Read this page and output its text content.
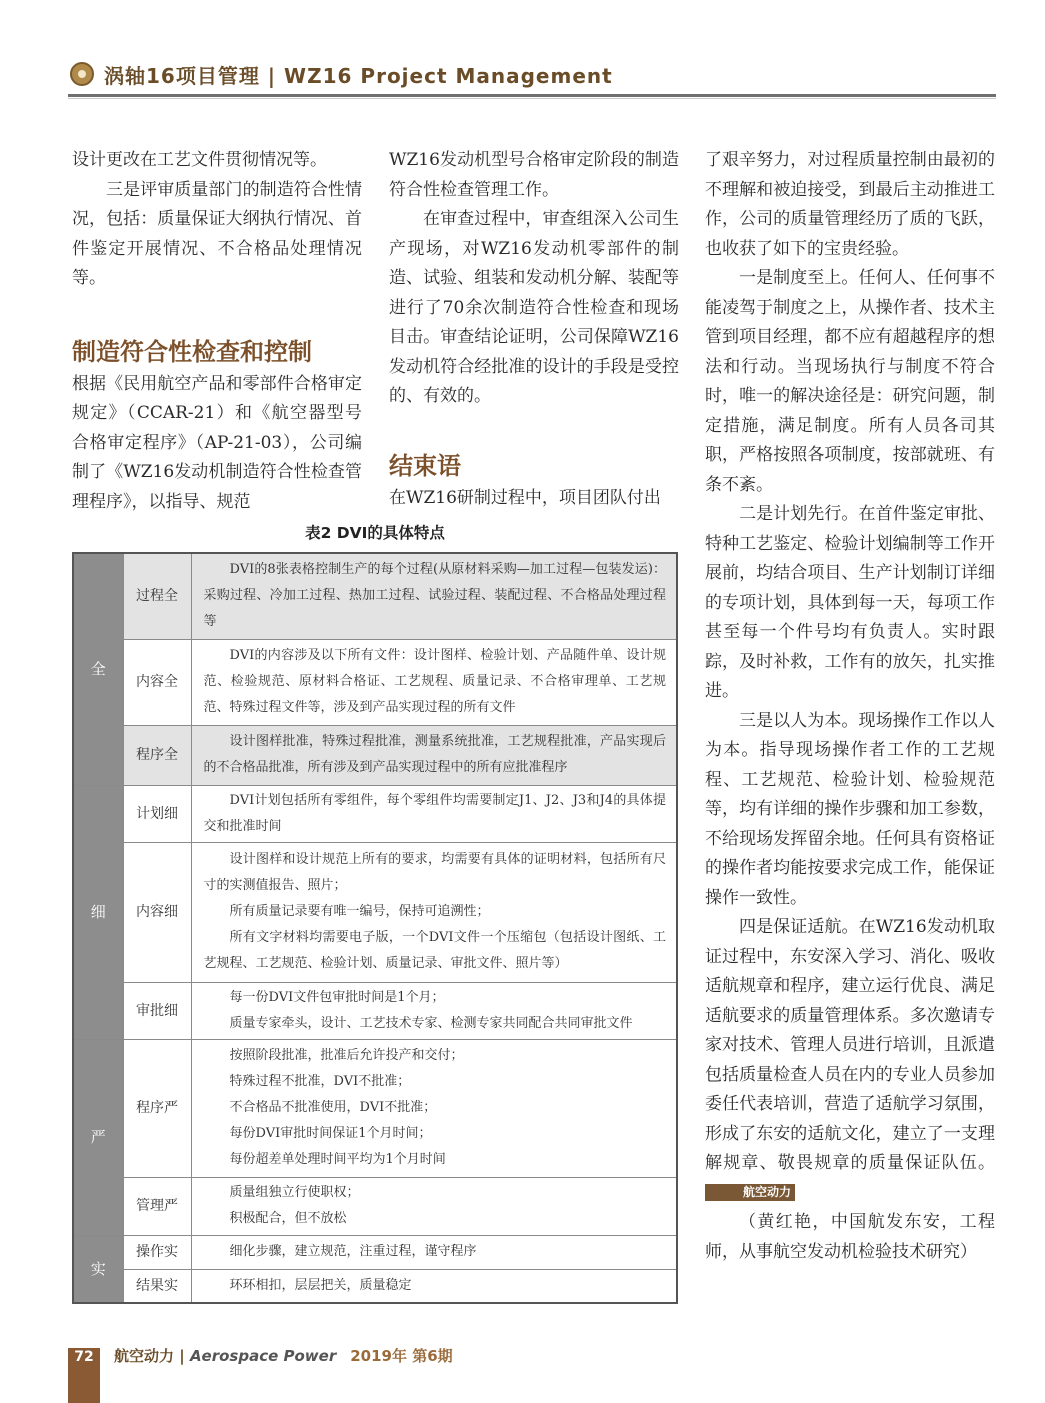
涡轴16项目管理 | WZ16 Project Management

设计更改在工艺文件贯彻情况等。

三是评审质量部门的制造符合性情况，包括：质量保证大纲执行情况、首件鉴定开展情况、不合格品处理情况等。

制造符合性检查和控制

根据《民用航空产品和零部件合格审定规定》（CCAR-21）和《航空器型号合格审定程序》（AP-21-03），公司编制了《WZ16发动机制造符合性检查管理程序》，以指导、规范

WZ16发动机型号合格审定阶段的制造符合性检查管理工作。

在审查过程中，审查组深入公司生产现场，对WZ16发动机零部件的制造、试验、组装和发动机分解、装配等进行了70余次制造符合性检查和现场目击。审查结论证明，公司保障WZ16发动机符合经批准的设计的手段是受控的、有效的。

结束语

在WZ16研制过程中，项目团队付出

了艰辛努力，对过程质量控制由最初的不理解和被迫接受，到最后主动推进工作，公司的质量管理经历了质的飞跃，也收获了如下的宝贵经验。

一是制度至上。任何人、任何事不能凌驾于制度之上，从操作者、技术主管到项目经理，都不应有超越程序的想法和行动。当现场执行与制度不符合时，唯一的解决途径是：研究问题，制定措施，满足制度。所有人员各司其职，严格按照各项制度，按部就班、有条不紊。

二是计划先行。在首件鉴定审批、特种工艺鉴定、检验计划编制等工作开展前，均结合项目、生产计划制订详细的专项计划，具体到每一天，每项工作甚至每一个件号均有负责人。实时跟踪，及时补救，工作有的放矢，扎实推进。

三是以人为本。现场操作工作以人为本。指导现场操作者工作的工艺规程、工艺规范、检验计划、检验规范等，均有详细的操作步骤和加工参数，不给现场发挥留余地。任何具有资格证的操作者均能按要求完成工作，能保证操作一致性。

四是保证适航。在WZ16发动机取证过程中，东安深入学习、消化、吸收适航规章和程序，建立运行优良、满足适航要求的质量管理体系。多次邀请专家对技术、管理人员进行培训，且派遣包括质量检查人员在内的专业人员参加委任代表培训，营造了适航学习氛围，形成了东安的适航文化，建立了一支理解规章、敬畏规章的质量保证队伍。 航空动力

（黄红艳，中国航发东安，工程师，从事航空发动机检验技术研究）

表2 DVI的具体特点
全	过程全	DVI的8张表格控制生产的每个过程(从原材料采购—加工过程—包装发运)：采购过程、冷加工过程、热加工过程、试验过程、装配过程、不合格品处理过程等

	内容全	DVI的内容涉及以下所有文件：设计图样、检验计划、产品随件单、设计规范、检验规范、原材料合格证、工艺规程、质量记录、不合格审理单、工艺规范、特殊过程文件等，涉及到产品实现过程的所有文件

	程序全	设计图样批准，特殊过程批准，测量系统批准，工艺规程批准，产品实现后的不合格品批准，所有涉及到产品实现过程中的所有应批准程序

细	计划细	DVI计划包括所有零组件，每个零组件均需要制定J1、J2、J3和J4的具体提交和批准时间

	内容细	设计图样和设计规范上所有的要求，均需要有具体的证明材料，包括所有尺寸的实测值报告、照片；
所有质量记录要有唯一编号，保持可追溯性；
所有文字材料均需要电子版，一个DVI文件一个压缩包（包括设计图纸、工艺规程、工艺规范、检验计划、质量记录、审批文件、照片等）

	审批细	每一份DVI文件包审批时间是1个月；
质量专家牵头，设计、工艺技术专家、检测专家共同配合共同审批文件

严	程序严	按照阶段批准，批准后允许投产和交付；
特殊过程不批准，DVI不批准；
不合格品不批准使用，DVI不批准；
每份DVI审批时间保证1个月时间；
每份超差单处理时间平均为1个月时间

	管理严	质量组独立行使职权；
积极配合，但不放松

实	操作实	细化步骤，建立规范，注重过程，谨守程序

	结果实	环环相扣，层层把关，质量稳定
72	航空动力 | Aerospace Power 2019年 第6期
